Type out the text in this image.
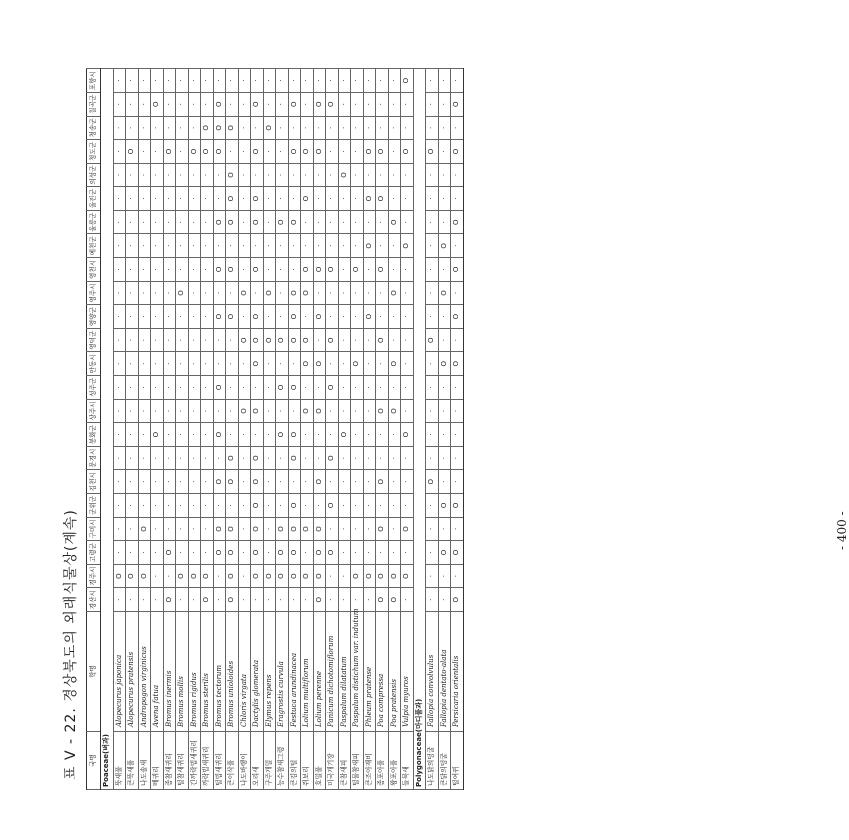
표 V - 22. 경상북도의 외래식물상(계속) 국명	학명	경산시	경주시	고령군	구미시	군위군	김천시	문경시	봉화군	상주시	성주군	안동시	영덕군	영양군	영주시	영천시	예천군	울릉군	울진군	의성군	청도군	청송군	칠곡군	포항시
Poaceae(벼과)																								
뚝새풀	Alopecurus japonica	·	O	·	·	·	·	·	·	·	·	·	·	·	·	·	·	·	·	·	·	·	·	·
큰뚝새풀	Alopecurus pratensis	·	O	·	·	·	·	·	·	·	·	·	·	·	·	·	·	·	·	·	O	·	·	·
나도솔새	Andropogon virginicus	·	O	·	O	·	·	·	·	·	·	·	·	·	·	·	·	·	·	·	·	·	·	·
메귀리	Avena fatua	·	·	·	·	·	·	·	O	·	·	·	·	·	·	·	·	·	·	·	·	·	O	·
좀참새귀리	Bromus inermis	O	·	O	·	·	·	·	·	·	·	·	·	·	·	·	·	·	·	·	O	·	·	·
털참새귀리	Bromus mollis	·	O	·	·	·	·	·	·	·	·	·	·	·	O	·	·	·	·	·	·	·	·	·
긴까락빕새귀리	Bromus rigidus	·	O	·	·	·	·	·	·	·	·	·	·	·	·	·	·	·	·	·	O	·	·	·
까락빕새귀리	Bromus sterilis	O	O	·	·	·	·	·	·	·	·	·	·	·	·	·	·	·	·	·	O	O	·	·
털빕새귀리	Bromus tectorum	·	·	O	O	·	O	·	O	·	O	·	·	O	·	O	·	O	·	·	O	O	O	·
큰이삭풀	Bromus unioloides	O	O	O	O	·	O	O	·	·	·	·	·	O	·	O	·	O	O	O	·	O	·	·
나도바랭이	Chloris virgata	·	·	·	·	·	·	·	·	O	·	·	O	·	O	·	·	·	·	·	·	·	·	·
오리새	Dactylis glomerata	·	O	O	O	O	O	O	·	O	·	O	O	O	·	O	·	O	O	·	O	·	O	·
구주개밀	Elymus repens	·	O	·	·	·	·	·	·	·	·	·	O	·	O	·	·	·	·	·	·	O	·	·
능수참새그령	Eragrostis curvula	·	O	O	O	·	·	·	O	·	O	·	O	·	·	·	·	O	·	·	·	·	·	·
큰김의털	Festuca arundinacea	·	O	O	O	O	·	O	O	·	O	·	O	O	O	·	·	O	·	·	O	·	O	·
쥐보리	Lolium multiflorum	·	O	·	O	·	·	·	·	O	·	O	O	·	O	O	·	·	O	·	O	·	·	·
호밀풀	Lolium perenne	O	O	O	O	·	O	·	·	O	·	O	·	O	·	O	·	·	·	·	O	·	O	·
미국개기장	Panicum dichotomiflorum	·	·	O	·	O	·	O	·	·	O	·	O	·	·	O	·	·	·	·	·	·	O	·
큰참새피	Paspalum dilatatum	·	·	·	·	·	·	·	O	·	·	·	·	·	·	·	·	·	·	O	·	·	·	·
털물참새피	Paspalum distichum var. indutum	·	O	·	·	·	·	·	·	·	·	O	·	·	·	O	·	·	·	·	·	·	·	·
큰조아재비	Phleum pratense	·	O	·	·	·	·	·	·	·	·	·	·	O	·	·	O	·	O	·	O	·	·	·
좀포아풀	Poa compressa	O	O	·	O	·	O	·	·	O	·	·	O	·	·	O	·	·	O	·	O	·	·	·
왕포아풀	Poa pratensis	O	O	·	·	·	·	·	·	O	·	O	·	·	O	·	·	O	·	·	·	·	·	·
들묵새	Vulpia myuros	·	O	·	O	·	·	·	O	·	·	·	·	·	·	·	O	·	·	·	O	·	·	O
Polygonaceae(마디풀과)																								
나도닭의덩굴	Fallopia convolvulus	·	·	·	·	·	O	·	·	·	·	·	O	·	·	·	·	·	·	·	O	·	·	·
큰닭의덩굴	Fallopia dentato-alata	·	·	O	·	O	·	·	·	·	·	O	·	·	O	·	O	·	·	·	·	·	·	·
털여뀌	Persicaria orientalis	O	·	O	·	O	·	·	·	·	·	O	·	O	·	O	·	O	·	·	O	·	O	·
- 400 -
